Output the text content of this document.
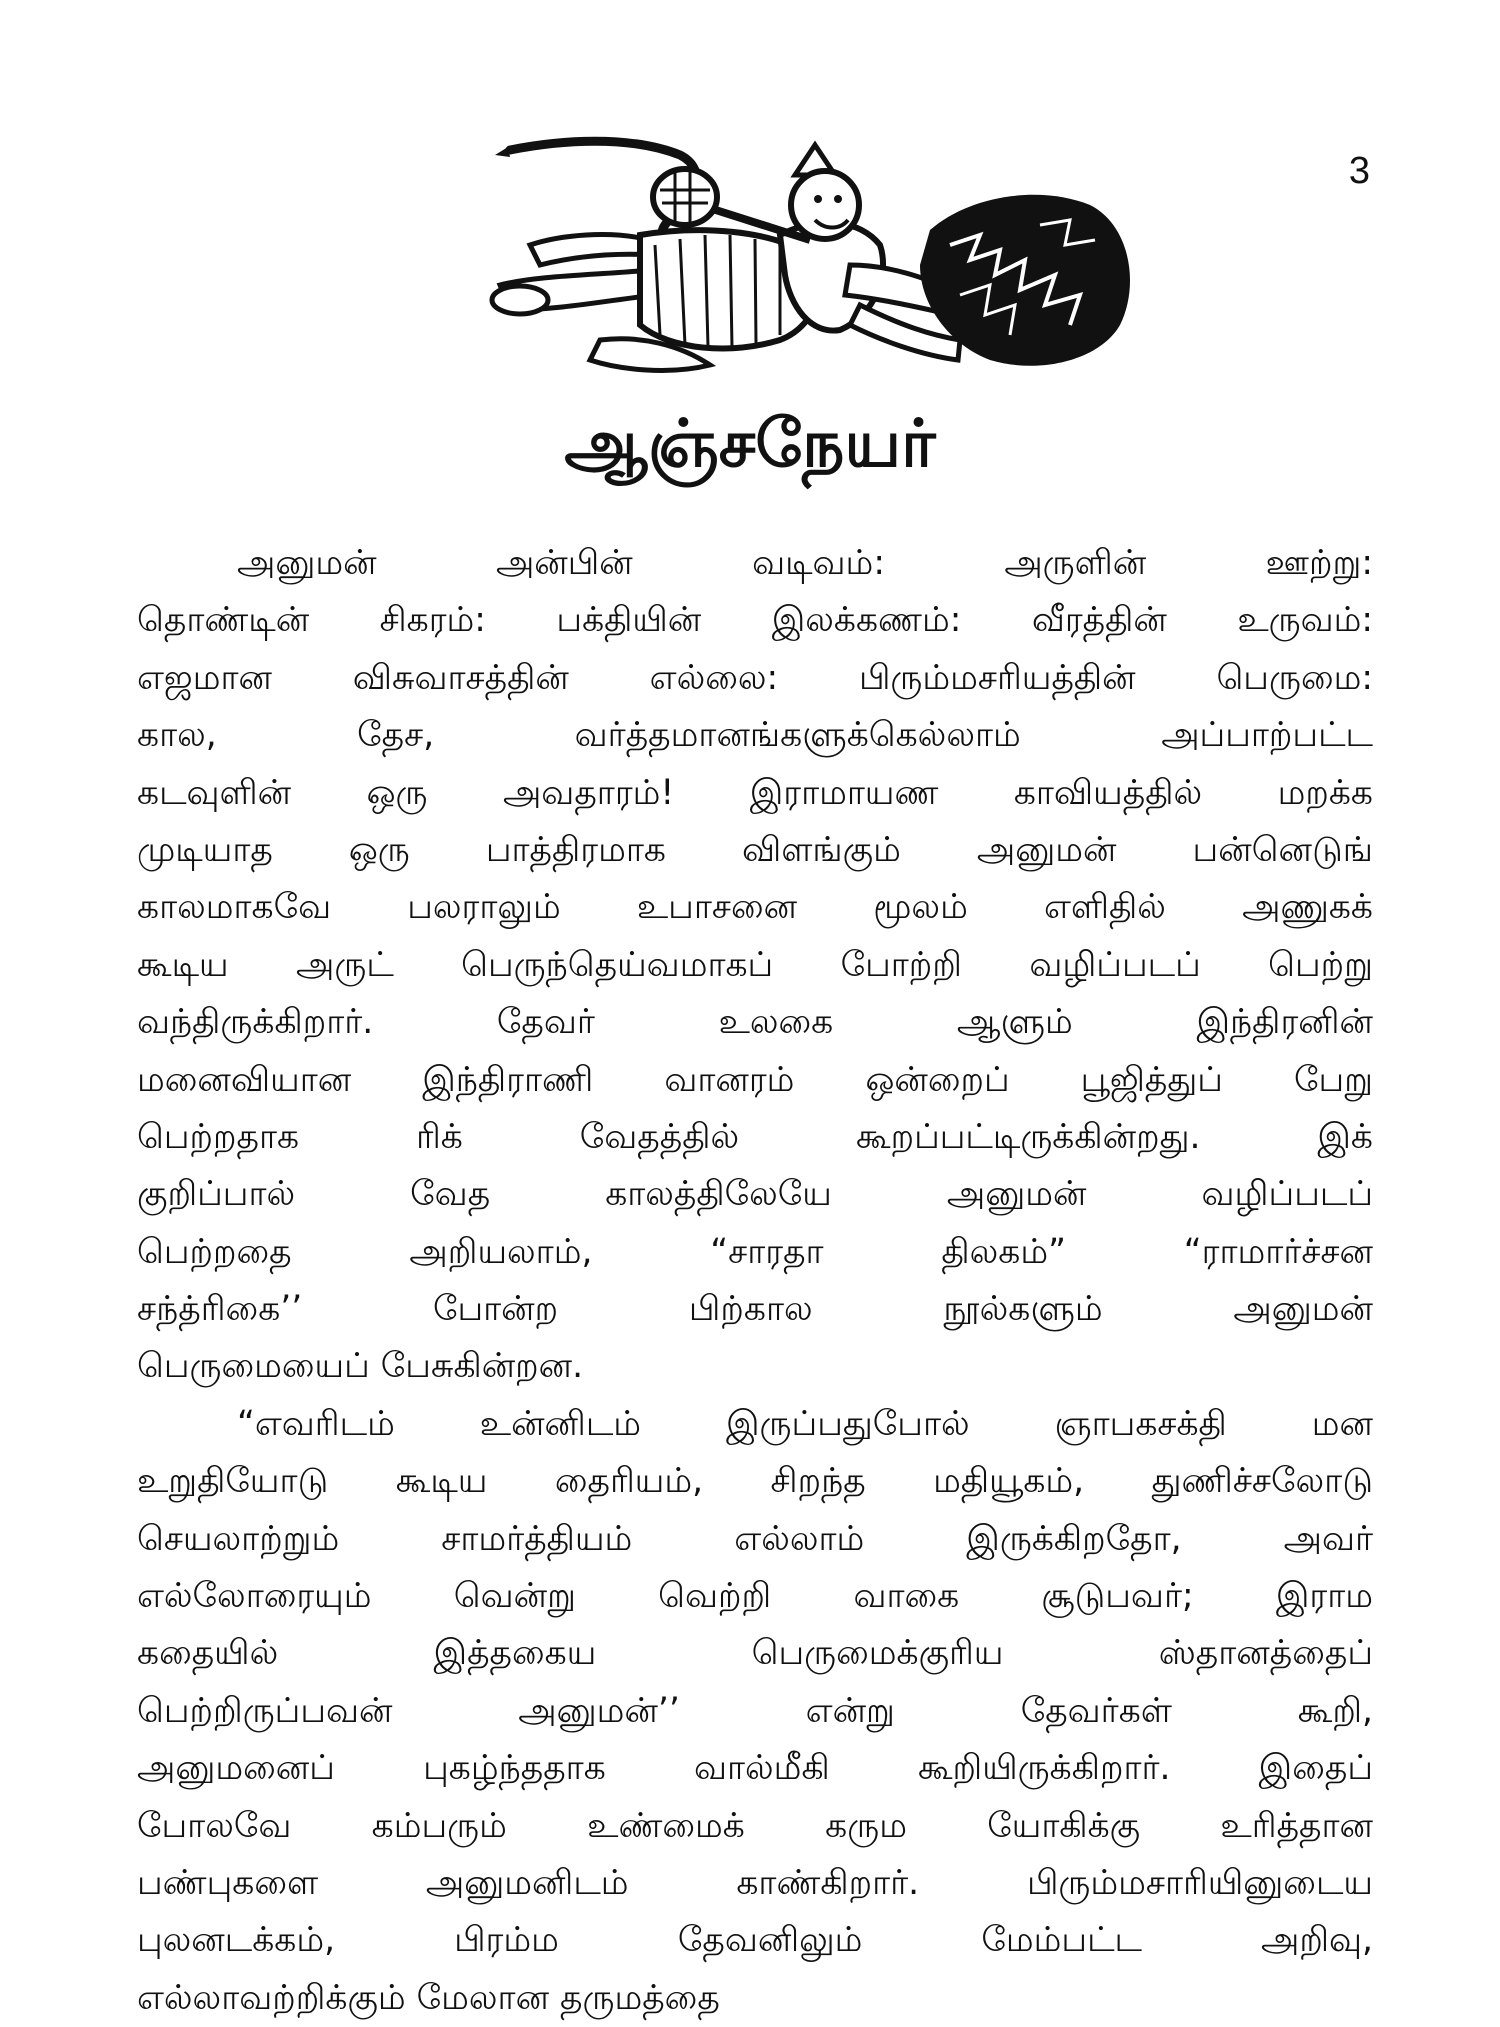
3
ஆஞ்சநேயர்
அனுமன் அன்பின் வடிவம்: அருளின் ஊற்று:
தொண்டின் சிகரம்: பக்தியின் இலக்கணம்: வீரத்தின் உருவம்:
எஜமான விசுவாசத்தின் எல்லை: பிரும்மசரியத்தின் பெருமை:
கால, தேச, வர்த்தமானங்களுக்கெல்லாம் அப்பாற்பட்ட
கடவுளின் ஒரு அவதாரம்! இராமாயண காவியத்தில் மறக்க
முடியாத ஒரு பாத்திரமாக விளங்கும் அனுமன் பன்னெடுங்
காலமாகவே பலராலும் உபாசனை மூலம் எளிதில் அணுகக்
கூடிய அருட் பெருந்தெய்வமாகப் போற்றி வழிப்படப் பெற்று
வந்திருக்கிறார். தேவர் உலகை ஆளும் இந்திரனின்
மனைவியான இந்திராணி வானரம் ஒன்றைப் பூஜித்துப் பேறு
பெற்றதாக ரிக் வேதத்தில் கூறப்பட்டிருக்கின்றது. இக்
குறிப்பால் வேத காலத்திலேயே அனுமன் வழிப்படப்
பெற்றதை அறியலாம், “சாரதா திலகம்” “ராமார்ச்சன
சந்த்ரிகை’’ போன்ற பிற்கால நூல்களும் அனுமன்
பெருமையைப் பேசுகின்றன.
“எவரிடம் உன்னிடம் இருப்பதுபோல் ஞாபகசக்தி மன
உறுதியோடு கூடிய தைரியம், சிறந்த மதியூகம், துணிச்சலோடு
செயலாற்றும் சாமர்த்தியம் எல்லாம் இருக்கிறதோ, அவர்
எல்லோரையும் வென்று வெற்றி வாகை சூடுபவர்; இராம
கதையில் இத்தகைய பெருமைக்குரிய ஸ்தானத்தைப்
பெற்றிருப்பவன் அனுமன்’’ என்று தேவர்கள் கூறி,
அனுமனைப் புகழ்ந்ததாக வால்மீகி கூறியிருக்கிறார். இதைப்
போலவே கம்பரும் உண்மைக் கரும யோகிக்கு உரித்தான
பண்புகளை அனுமனிடம் காண்கிறார். பிரும்மசாரியினுடைய
புலனடக்கம், பிரம்ம தேவனிலும் மேம்பட்ட அறிவு,
எல்லாவற்றிக்கும் மேலான தருமத்தை
